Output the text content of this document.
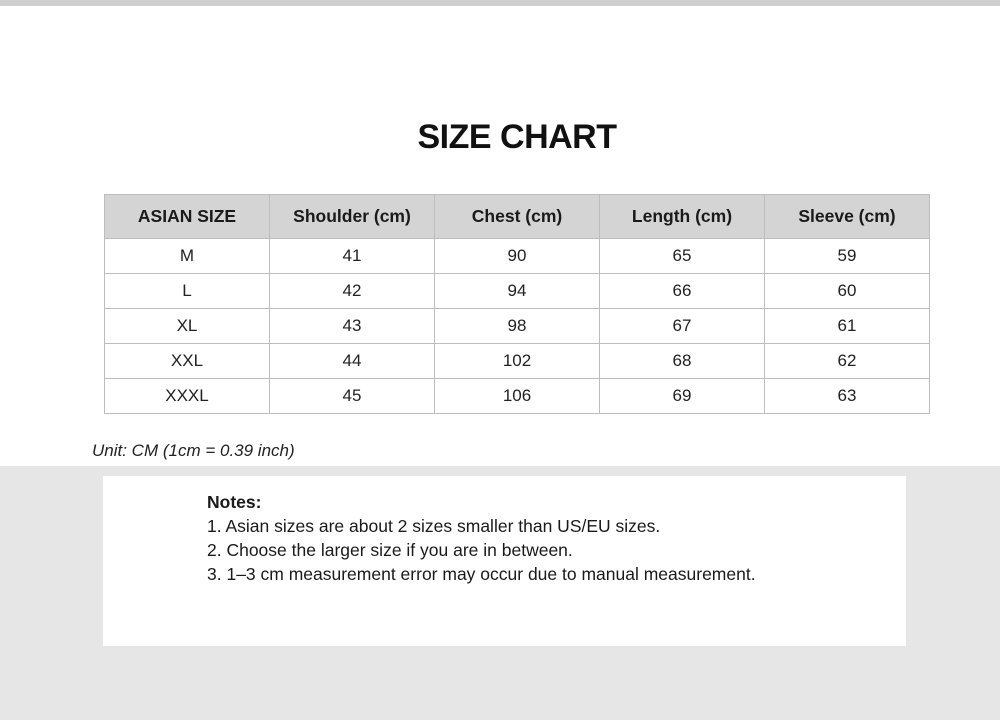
SIZE CHART
ASIAN SIZE	Shoulder (cm)	Chest (cm)	Length (cm)	Sleeve (cm)
M	41	90	65	59
L	42	94	66	60
XL	43	98	67	61
XXL	44	102	68	62
XXXL	45	106	69	63
Unit: CM (1cm = 0.39 inch)
Notes:
1. Asian sizes are about 2 sizes smaller than US/EU sizes.
2. Choose the larger size if you are in between.
3. 1–3 cm measurement error may occur due to manual measurement.
